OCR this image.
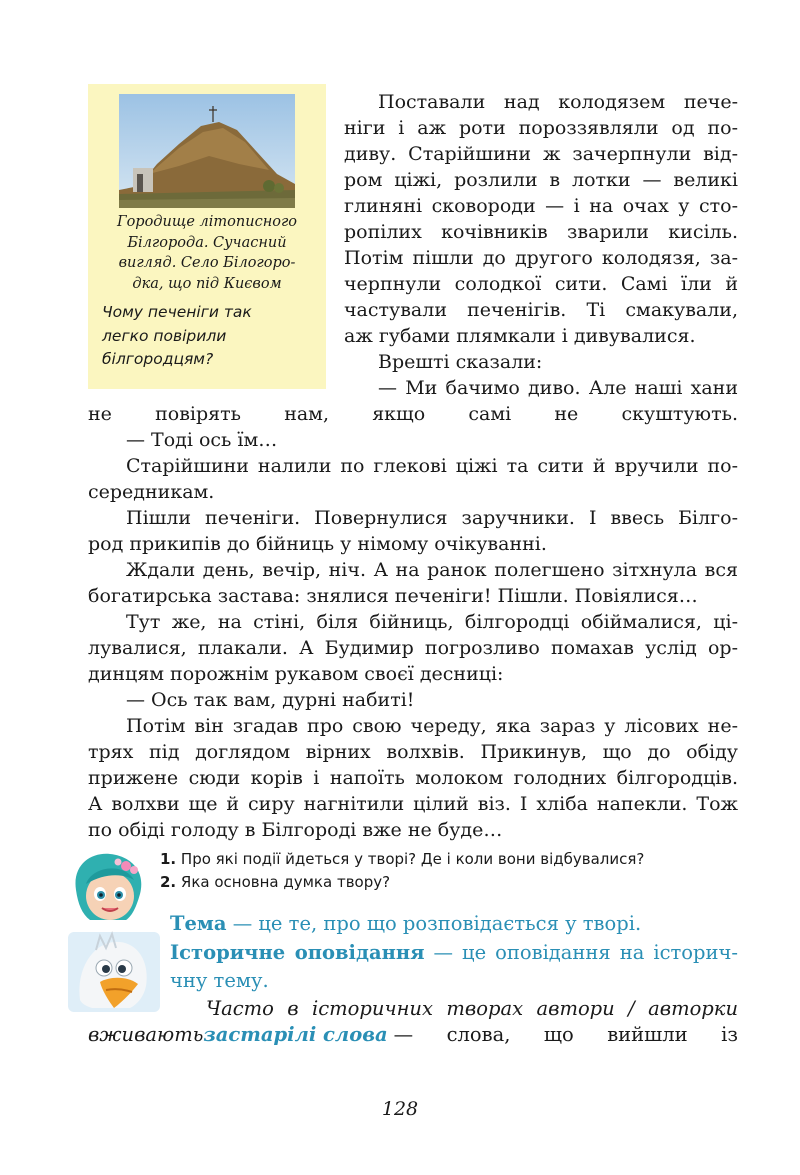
Городище літописного
Білгорода. Сучасний
вигляд. Село Білогоро-
дка, що під Києвом
Чому печеніги так
легко повірили
білгородцям?
Поставали над колодязем пече-
ніги і аж роти пороззявляли од по-
диву. Старійшини ж зачерпнули від-
ром ціжі, розлили в лотки — великі
глиняні сковороди — і на очах у сто-
ропілих кочівників зварили кисіль.
Потім пішли до другого колодязя, за-
черпнули солодкої сити. Самі їли й
частували печенігів. Ті смакували,
аж губами плямкали і дивувалися.
Врешті сказали:
— Ми бачимо диво. Але наші хани
не повірять нам, якщо самі не скуштують.
— Тоді ось їм…
Старійшини налили по глекові ціжі та сити й вручили по-
середникам.
Пішли печеніги. Повернулися заручники. І ввесь Білго-
род прикипів до бійниць у німому очікуванні.
Ждали день, вечір, ніч. А на ранок полегшено зітхнула вся
богатирська застава: знялися печеніги! Пішли. Повіялися…
Тут же, на стіні, біля бійниць, білгородці обіймалися, ці-
лувалися, плакали. А Будимир погрозливо помахав услід ор-
динцям порожнім рукавом своєї десниці:
— Ось так вам, дурні набиті!
Потім він згадав про свою череду, яка зараз у лісових не-
трях під доглядом вірних волхвів. Прикинув, що до обіду
прижене сюди корів і напоїть молоком голодних білгородців.
А волхви ще й сиру нагнітили цілий віз. І хліба напекли. Тож
по обіді голоду в Білгороді вже не буде…
1. Про які події йдеться у творі? Де і коли вони відбувалися?
2. Яка основна думка твору?
Тема — це те, про що розповідається у творі.
Історичне оповідання — це оповідання на історич-
чну тему.
Часто в історичних творах автори / авторки
вживають застарілі слова — слова, що вийшли із
128
